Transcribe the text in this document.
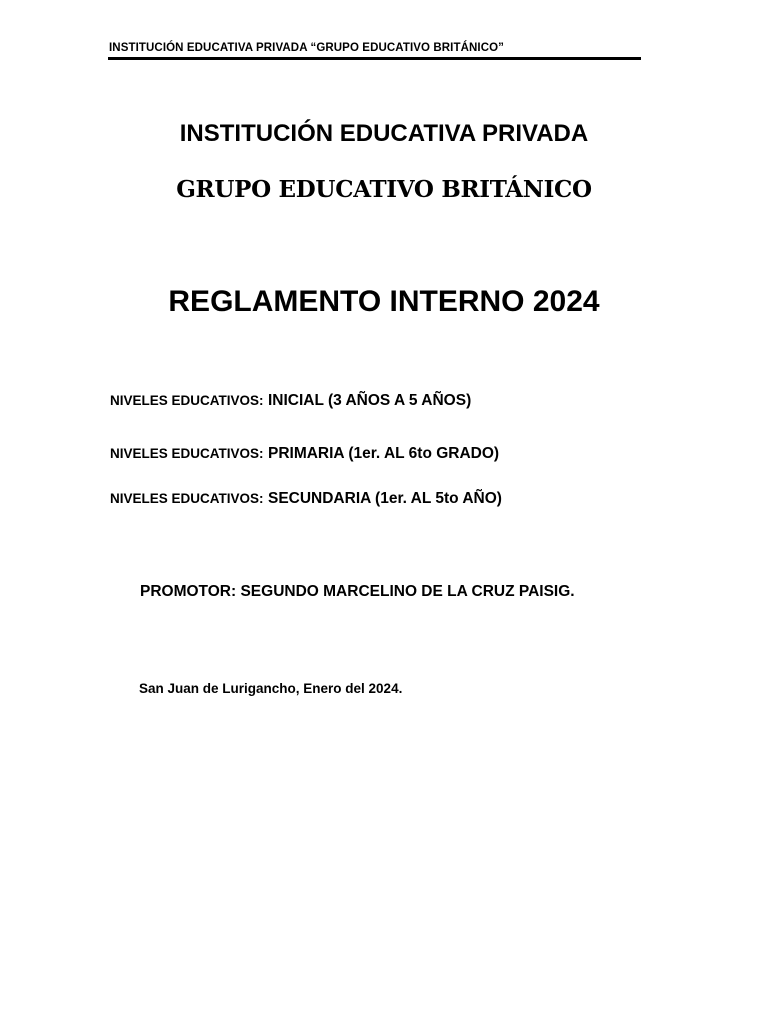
INSTITUCIÓN EDUCATIVA PRIVADA “GRUPO EDUCATIVO BRITÁNICO”
INSTITUCIÓN EDUCATIVA PRIVADA
GRUPO EDUCATIVO BRITÁNICO
REGLAMENTO INTERNO 2024
NIVELES EDUCATIVOS: INICIAL (3 AÑOS A 5 AÑOS)
NIVELES EDUCATIVOS: PRIMARIA (1er. AL 6to GRADO)
NIVELES EDUCATIVOS: SECUNDARIA (1er. AL 5to AÑO)
PROMOTOR: SEGUNDO MARCELINO DE LA CRUZ PAISIG.
San Juan de Lurigancho, Enero del 2024.
